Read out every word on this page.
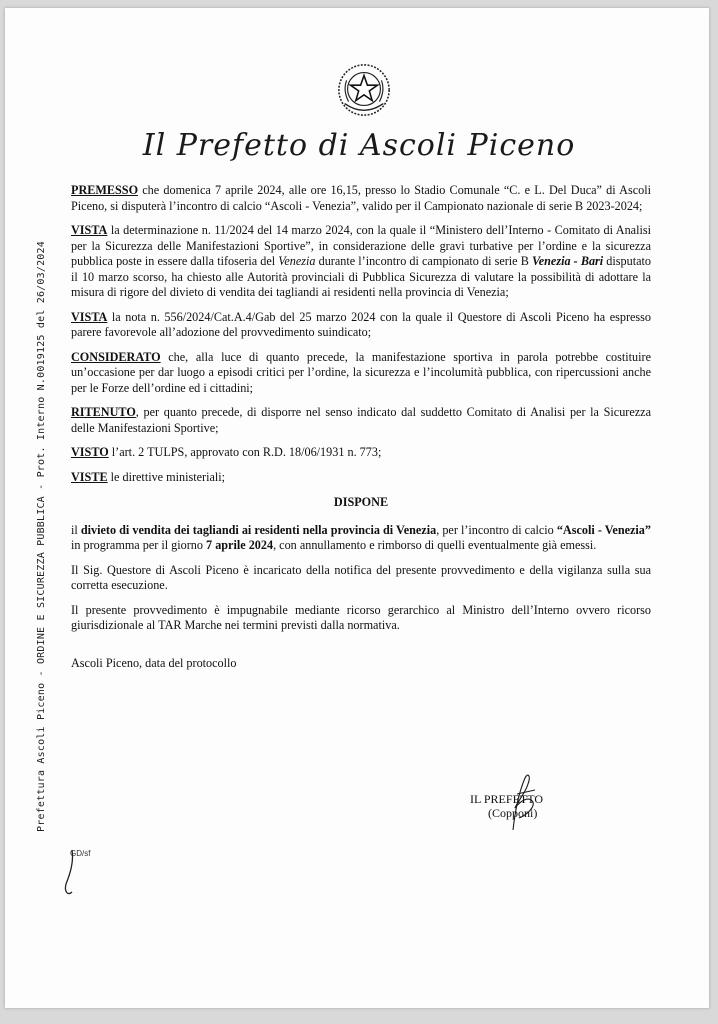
Il Prefetto di Ascoli Piceno

PREMESSO che domenica 7 aprile 2024, alle ore 16,15, presso lo Stadio Comunale “C. e L. Del Duca” di Ascoli Piceno, si disputerà l’incontro di calcio “Ascoli - Venezia”, valido per il Campionato nazionale di serie B 2023-2024;

VISTA la determinazione n. 11/2024 del 14 marzo 2024, con la quale il “Ministero dell’Interno - Comitato di Analisi per la Sicurezza delle Manifestazioni Sportive”, in considerazione delle gravi turbative per l’ordine e la sicurezza pubblica poste in essere dalla tifoseria del Venezia durante l’incontro di campionato di serie B Venezia - Bari disputato il 10 marzo scorso, ha chiesto alle Autorità provinciali di Pubblica Sicurezza di valutare la possibilità di adottare la misura di rigore del divieto di vendita dei tagliandi ai residenti nella provincia di Venezia;

VISTA la nota n. 556/2024/Cat.A.4/Gab del 25 marzo 2024 con la quale il Questore di Ascoli Piceno ha espresso parere favorevole all’adozione del provvedimento suindicato;

CONSIDERATO che, alla luce di quanto precede, la manifestazione sportiva in parola potrebbe costituire un’occasione per dar luogo a episodi critici per l’ordine, la sicurezza e l’incolumità pubblica, con ripercussioni anche per le Forze dell’ordine ed i cittadini;

RITENUTO, per quanto precede, di disporre nel senso indicato dal suddetto Comitato di Analisi per la Sicurezza delle Manifestazioni Sportive;

VISTO l’art. 2 TULPS, approvato con R.D. 18/06/1931 n. 773;

VISTE le direttive ministeriali;

DISPONE

il divieto di vendita dei tagliandi ai residenti nella provincia di Venezia, per l’incontro di calcio “Ascoli - Venezia” in programma per il giorno 7 aprile 2024, con annullamento e rimborso di quelli eventualmente già emessi.

Il Sig. Questore di Ascoli Piceno è incaricato della notifica del presente provvedimento e della vigilanza sulla sua corretta esecuzione.

Il presente provvedimento è impugnabile mediante ricorso gerarchico al Ministro dell’Interno ovvero ricorso giurisdizionale al TAR Marche nei termini previsti dalla normativa.

Ascoli Piceno, data del protocollo

IL PREFETTO
(Copponi)
GD/sf
